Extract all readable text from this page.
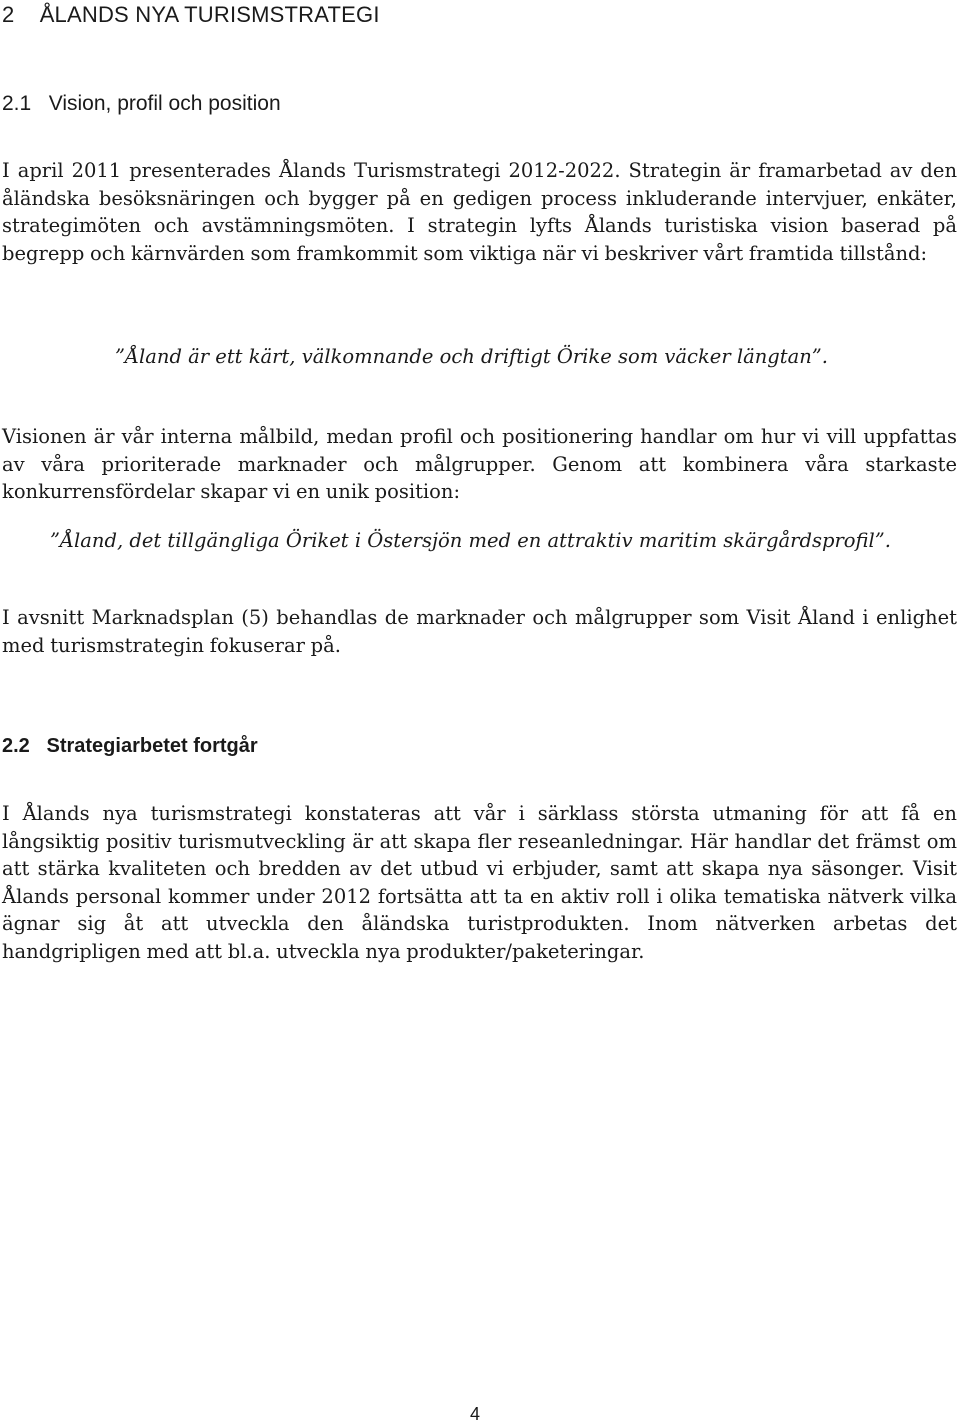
2 ÅLANDS NYA TURISMSTRATEGI
2.1 Vision, profil och position

I april 2011 presenterades Ålands Turismstrategi 2012-2022. Strategin är framarbetad av den åländska besöksnäringen och bygger på en gedigen process inkluderande intervjuer, enkäter, strategimöten och avstämningsmöten. I strategin lyfts Ålands turistiska vision baserad på begrepp och kärnvärden som framkommit som viktiga när vi beskriver vårt framtida tillstånd:

”Åland är ett kärt, välkomnande och driftigt Örike som väcker längtan”.

Visionen är vår interna målbild, medan profil och positionering handlar om hur vi vill uppfattas av våra prioriterade marknader och målgrupper. Genom att kombinera våra starkaste konkurrensfördelar skapar vi en unik position:

”Åland, det tillgängliga Öriket i Östersjön med en attraktiv maritim skärgårdsprofil”.

I avsnitt Marknadsplan (5) behandlas de marknader och målgrupper som Visit Åland i enlighet med turismstrategin fokuserar på.

2.2 Strategiarbetet fortgår

I Ålands nya turismstrategi konstateras att vår i särklass största utmaning för att få en långsiktig positiv turismutveckling är att skapa fler reseanledningar. Här handlar det främst om att stärka kvaliteten och bredden av det utbud vi erbjuder, samt att skapa nya säsonger. Visit Ålands personal kommer under 2012 fortsätta att ta en aktiv roll i olika tematiska nätverk vilka ägnar sig åt att utveckla den åländska turistprodukten. Inom nätverken arbetas det handgripligen med att bl.a. utveckla nya produkter/paketeringar.

4
